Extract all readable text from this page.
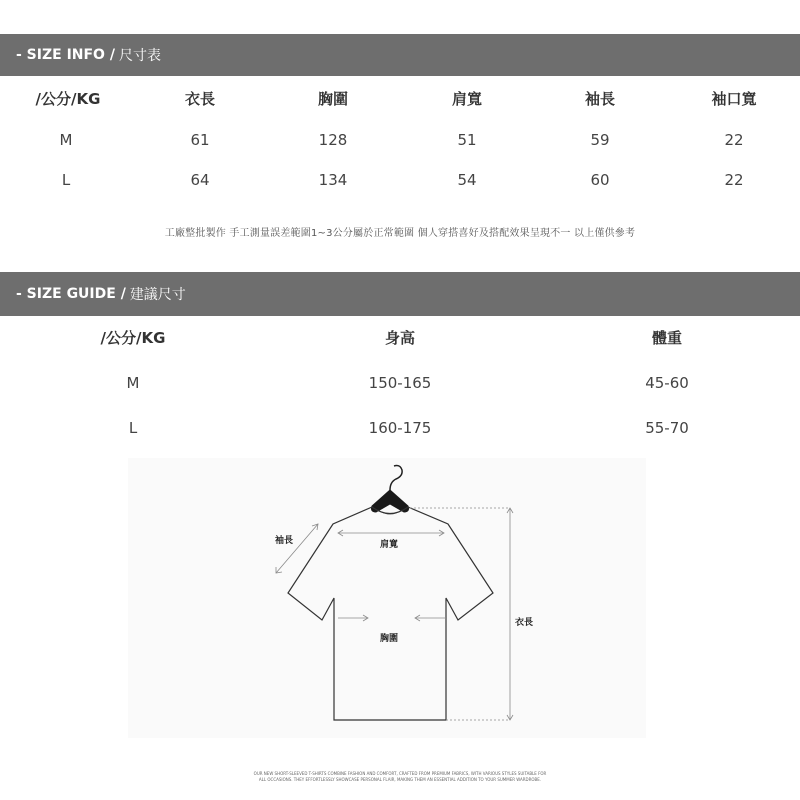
- SIZE INFO / 尺寸表
/公分/KG	衣長	胸圍	肩寬	袖長	袖口寬
M	61	128	51	59	22
L	64	134	54	60	22
工廠整批製作 手工測量誤差範圍1~3公分屬於正常範圍 個人穿搭喜好及搭配效果呈現不一 以上僅供參考
- SIZE GUIDE / 建議尺寸
/公分/KG	身高	體重
M	150-165	45-60
L	160-175	55-70
袖長	肩寬
胸圍
衣長
OUR NEW SHORT-SLEEVED T-SHIRTS COMBINE FASHION AND COMFORT, CRAFTED FROM PREMIUM FABRICS, WITH VARIOUS STYLES SUITABLE FOR
ALL OCCASIONS. THEY EFFORTLESSLY SHOWCASE PERSONAL FLAIR, MAKING THEM AN ESSENTIAL ADDITION TO YOUR SUMMER WARDROBE.
